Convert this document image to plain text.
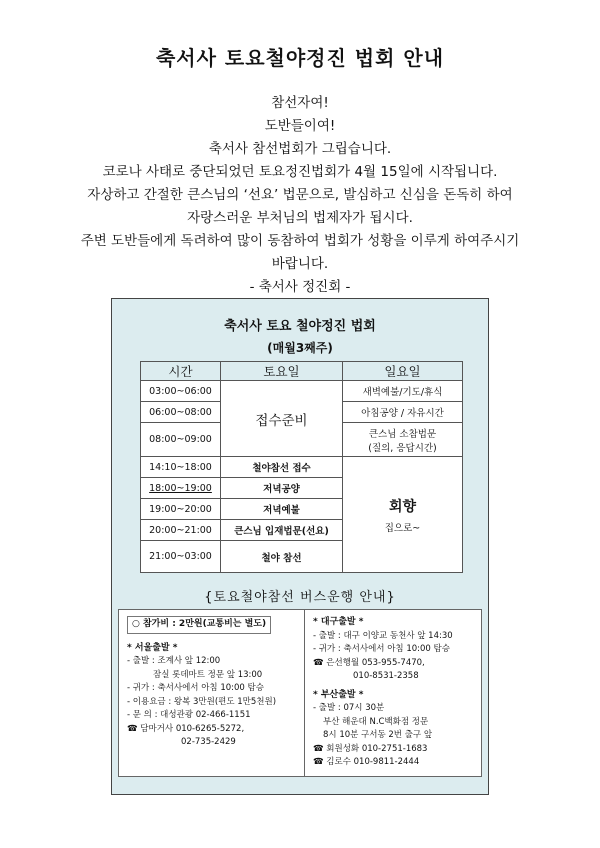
축서사 토요철야정진 법회 안내
참선자여!
도반들이여!
축서사 참선법회가 그립습니다.
코로나 사태로 중단되었던 토요정진법회가 4월 15일에 시작됩니다.
자상하고 간절한 큰스님의 ‘선요’ 법문으로, 발심하고 신심을 돈독히 하여
자랑스러운 부처님의 법제자가 됩시다.
주변 도반들에게 독려하여 많이 동참하여 법회가 성황을 이루게 하여주시기
바랍니다.
- 축서사 정진회 -
축서사 토요 철야정진 법회
(매월3째주)
시간	토요일	일요일
03:00~06:00	접수준비	새벽예불/기도/휴식
06:00~08:00		아침공양 / 자유시간
08:00~09:00		큰스님 소참법문
(질의, 응답시간)
14:10~18:00	철야참선 접수	회향
집으로~

18:00~19:00	저녁공양	
19:00~20:00	저녁예불	
20:00~21:00	큰스님 입재법문(선요)	
21:00~03:00	철야 참선	
{토요철야참선 버스운행 안내}
○ 참가비 : 2만원(교통비는 별도)
* 서울출발 *
- 출발 : 조계사 앞 12:00
잠실 롯데마트 정문 앞 13:00
- 귀가 : 축서사에서 아침 10:00 탐승
- 이용요금 : 왕복 3만원(편도 1만5천원)
- 문 의 : 대성관광 02-466-1151
☎ 담마거사 010-6265-5272,
02-735-2429
* 대구출발 *
- 출발 : 대구 이양교 동천사 앞 14:30
- 귀가 : 축서사에서 아침 10:00 탐승
☎ 은선행월 053-955-7470,
010-8531-2358
* 부산출발 *
- 출발 : 07시 30분
부산 해운대 N.C백화점 정문
8시 10분 구서동 2번 출구 앞
☎ 회원성화 010-2751-1683
☎ 김로수 010-9811-2444
